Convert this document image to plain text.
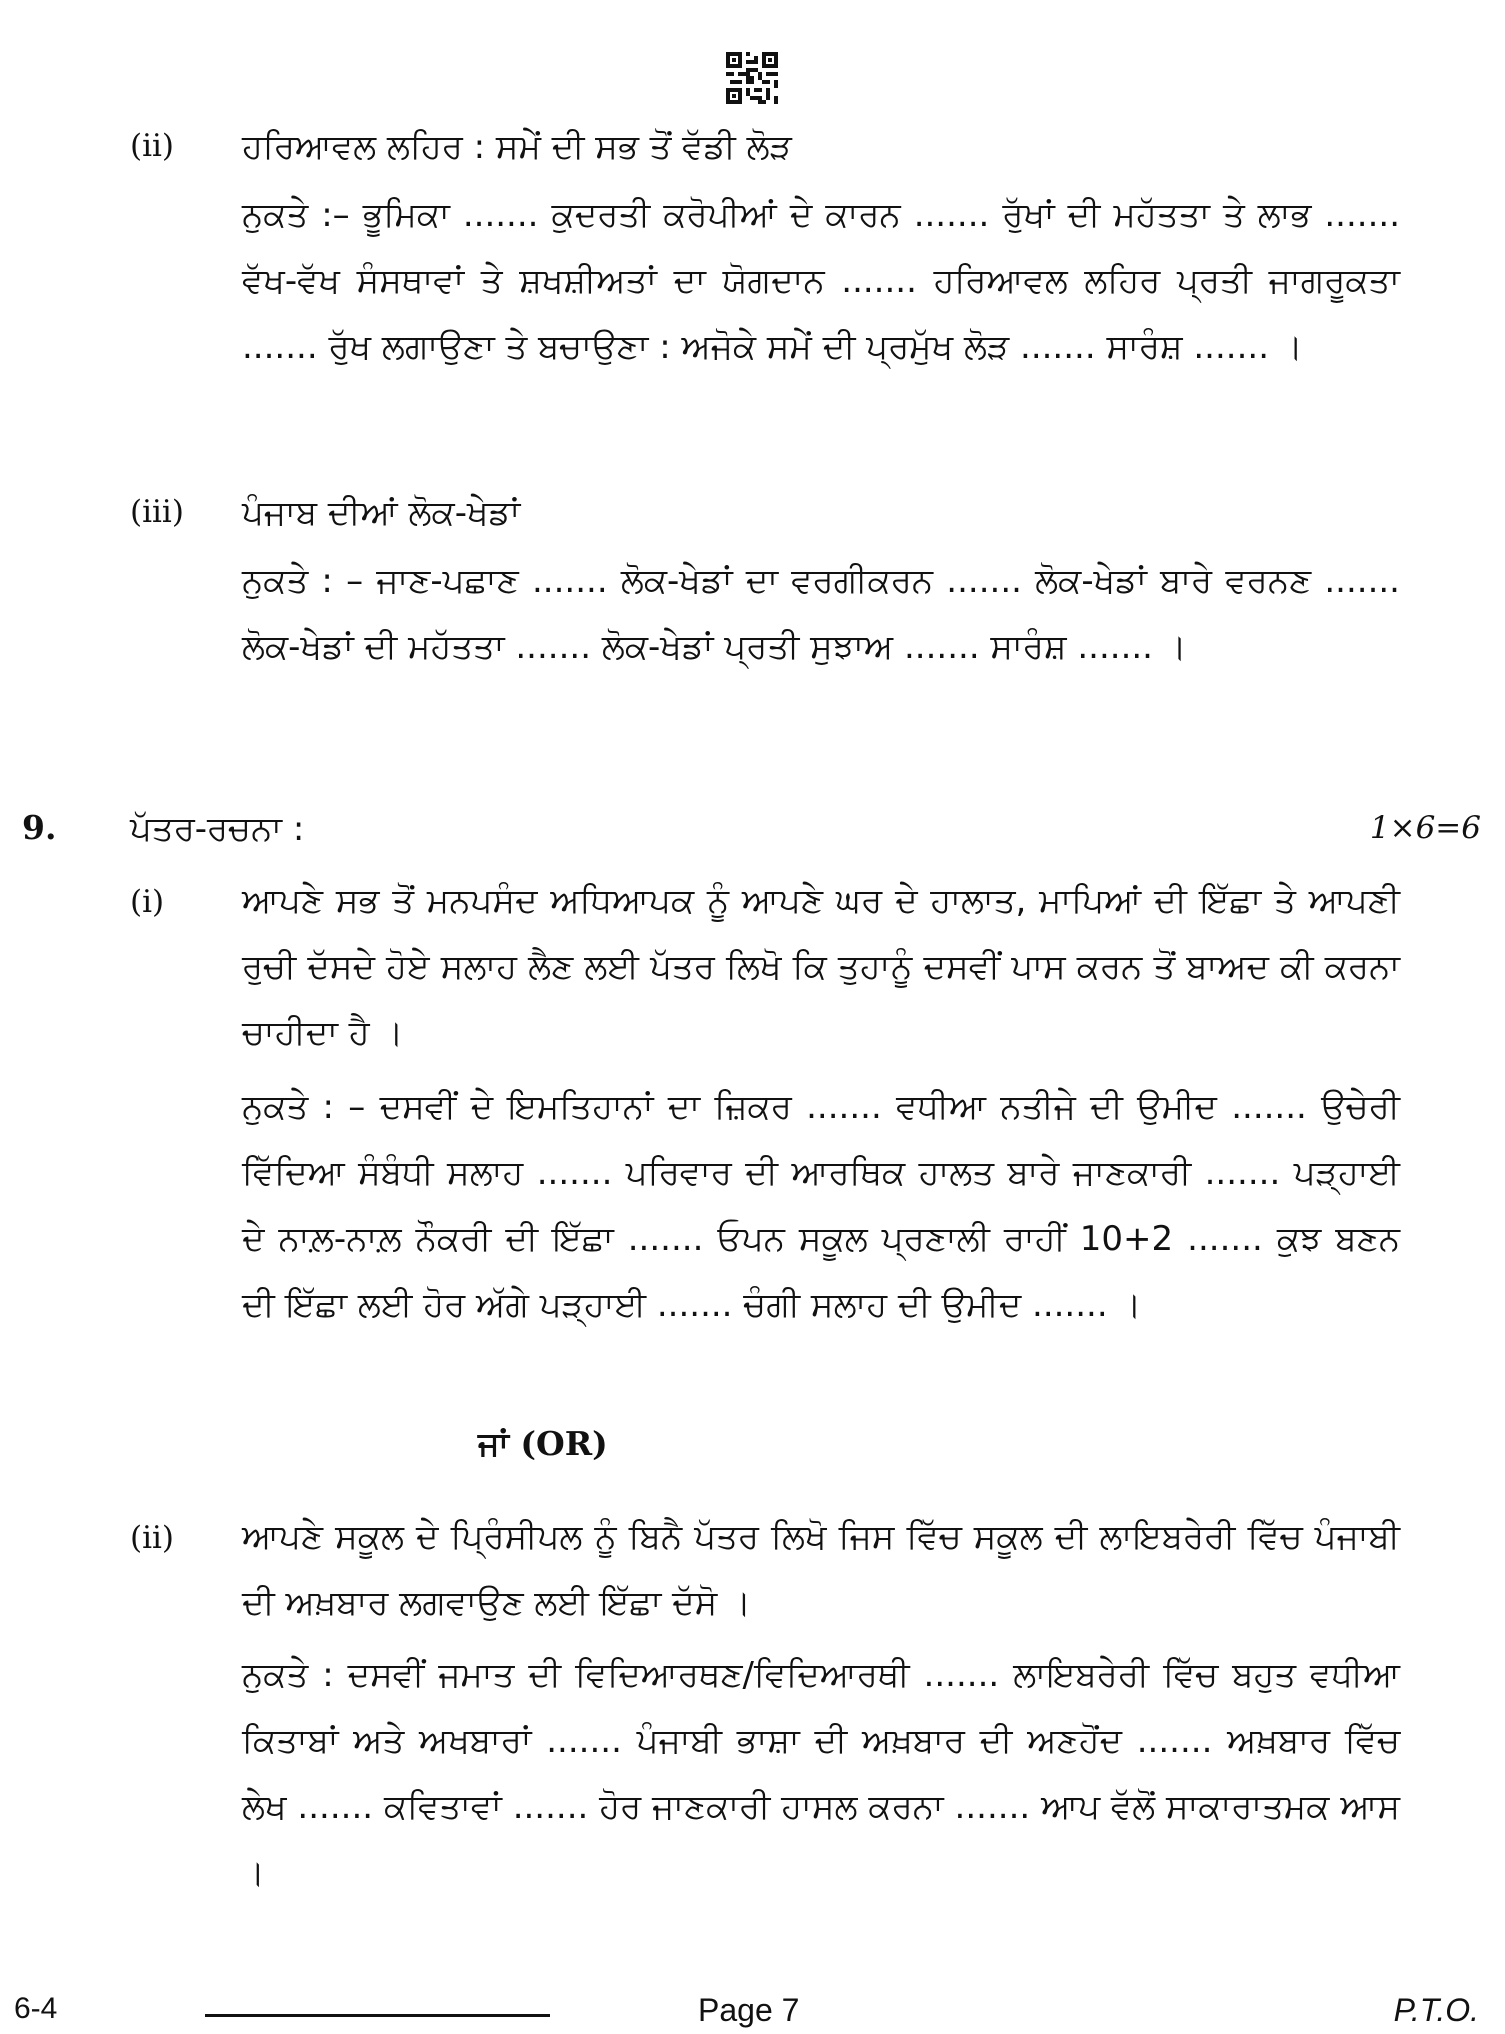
(ii) ਹਰਿਆਵਲ ਲਹਿਰ : ਸਮੇਂ ਦੀ ਸਭ ਤੋਂ ਵੱਡੀ ਲੋੜ

ਨੁਕਤੇ :– ਭੂਮਿਕਾ ....... ਕੁਦਰਤੀ ਕਰੋਪੀਆਂ ਦੇ ਕਾਰਨ ....... ਰੁੱਖਾਂ ਦੀ ਮਹੱਤਤਾ ਤੇ ਲਾਭ ....... ਵੱਖ-ਵੱਖ ਸੰਸਥਾਵਾਂ ਤੇ ਸ਼ਖਸ਼ੀਅਤਾਂ ਦਾ ਯੋਗਦਾਨ ....... ਹਰਿਆਵਲ ਲਹਿਰ ਪ੍ਰਤੀ ਜਾਗਰੂਕਤਾ ....... ਰੁੱਖ ਲਗਾਉਣਾ ਤੇ ਬਚਾਉਣਾ : ਅਜੋਕੇ ਸਮੇਂ ਦੀ ਪ੍ਰਮੁੱਖ ਲੋੜ ....... ਸਾਰੰਸ਼ ....... ।

(iii) ਪੰਜਾਬ ਦੀਆਂ ਲੋਕ-ਖੇਡਾਂ

ਨੁਕਤੇ : – ਜਾਣ-ਪਛਾਣ ....... ਲੋਕ-ਖੇਡਾਂ ਦਾ ਵਰਗੀਕਰਨ ....... ਲੋਕ-ਖੇਡਾਂ ਬਾਰੇ ਵਰਨਣ ....... ਲੋਕ-ਖੇਡਾਂ ਦੀ ਮਹੱਤਤਾ ....... ਲੋਕ-ਖੇਡਾਂ ਪ੍ਰਤੀ ਸੁਝਾਅ ....... ਸਾਰੰਸ਼ ....... ।

9. ਪੱਤਰ-ਰਚਨਾ :	1×6=6
(i) ਆਪਣੇ ਸਭ ਤੋਂ ਮਨਪਸੰਦ ਅਧਿਆਪਕ ਨੂੰ ਆਪਣੇ ਘਰ ਦੇ ਹਾਲਾਤ, ਮਾਪਿਆਂ ਦੀ ਇੱਛਾ ਤੇ ਆਪਣੀ ਰੁਚੀ ਦੱਸਦੇ ਹੋਏ ਸਲਾਹ ਲੈਣ ਲਈ ਪੱਤਰ ਲਿਖੋ ਕਿ ਤੁਹਾਨੂੰ ਦਸਵੀਂ ਪਾਸ ਕਰਨ ਤੋਂ ਬਾਅਦ ਕੀ ਕਰਨਾ ਚਾਹੀਦਾ ਹੈ ।

ਨੁਕਤੇ : – ਦਸਵੀਂ ਦੇ ਇਮਤਿਹਾਨਾਂ ਦਾ ਜ਼ਿਕਰ ....... ਵਧੀਆ ਨਤੀਜੇ ਦੀ ਉਮੀਦ ....... ਉਚੇਰੀ ਵਿੱਦਿਆ ਸੰਬੰਧੀ ਸਲਾਹ ....... ਪਰਿਵਾਰ ਦੀ ਆਰਥਿਕ ਹਾਲਤ ਬਾਰੇ ਜਾਣਕਾਰੀ ....... ਪੜ੍ਹਾਈ ਦੇ ਨਾਲ਼-ਨਾਲ਼ ਨੌਕਰੀ ਦੀ ਇੱਛਾ ....... ਓਪਨ ਸਕੂਲ ਪ੍ਰਣਾਲੀ ਰਾਹੀਂ 10+2 ....... ਕੁਝ ਬਣਨ ਦੀ ਇੱਛਾ ਲਈ ਹੋਰ ਅੱਗੇ ਪੜ੍ਹਾਈ ....... ਚੰਗੀ ਸਲਾਹ ਦੀ ਉਮੀਦ ....... ।

ਜਾਂ (OR)
(ii) ਆਪਣੇ ਸਕੂਲ ਦੇ ਪ੍ਰਿੰਸੀਪਲ ਨੂੰ ਬਿਨੈ ਪੱਤਰ ਲਿਖੋ ਜਿਸ ਵਿੱਚ ਸਕੂਲ ਦੀ ਲਾਇਬਰੇਰੀ ਵਿੱਚ ਪੰਜਾਬੀ ਦੀ ਅਖ਼ਬਾਰ ਲਗਵਾਉਣ ਲਈ ਇੱਛਾ ਦੱਸੋ ।

ਨੁਕਤੇ : ਦਸਵੀਂ ਜਮਾਤ ਦੀ ਵਿਦਿਆਰਥਣ/ਵਿਦਿਆਰਥੀ ....... ਲਾਇਬਰੇਰੀ ਵਿੱਚ ਬਹੁਤ ਵਧੀਆ ਕਿਤਾਬਾਂ ਅਤੇ ਅਖਬਾਰਾਂ ....... ਪੰਜਾਬੀ ਭਾਸ਼ਾ ਦੀ ਅਖ਼ਬਾਰ ਦੀ ਅਣਹੋਂਦ ....... ਅਖ਼ਬਾਰ ਵਿੱਚ ਲੇਖ ....... ਕਵਿਤਾਵਾਂ ....... ਹੋਰ ਜਾਣਕਾਰੀ ਹਾਸਲ ਕਰਨਾ ....... ਆਪ ਵੱਲੋਂ ਸਾਕਾਰਾਤਮਕ ਆਸ ।

6-4	Page 7	P.T.O.
